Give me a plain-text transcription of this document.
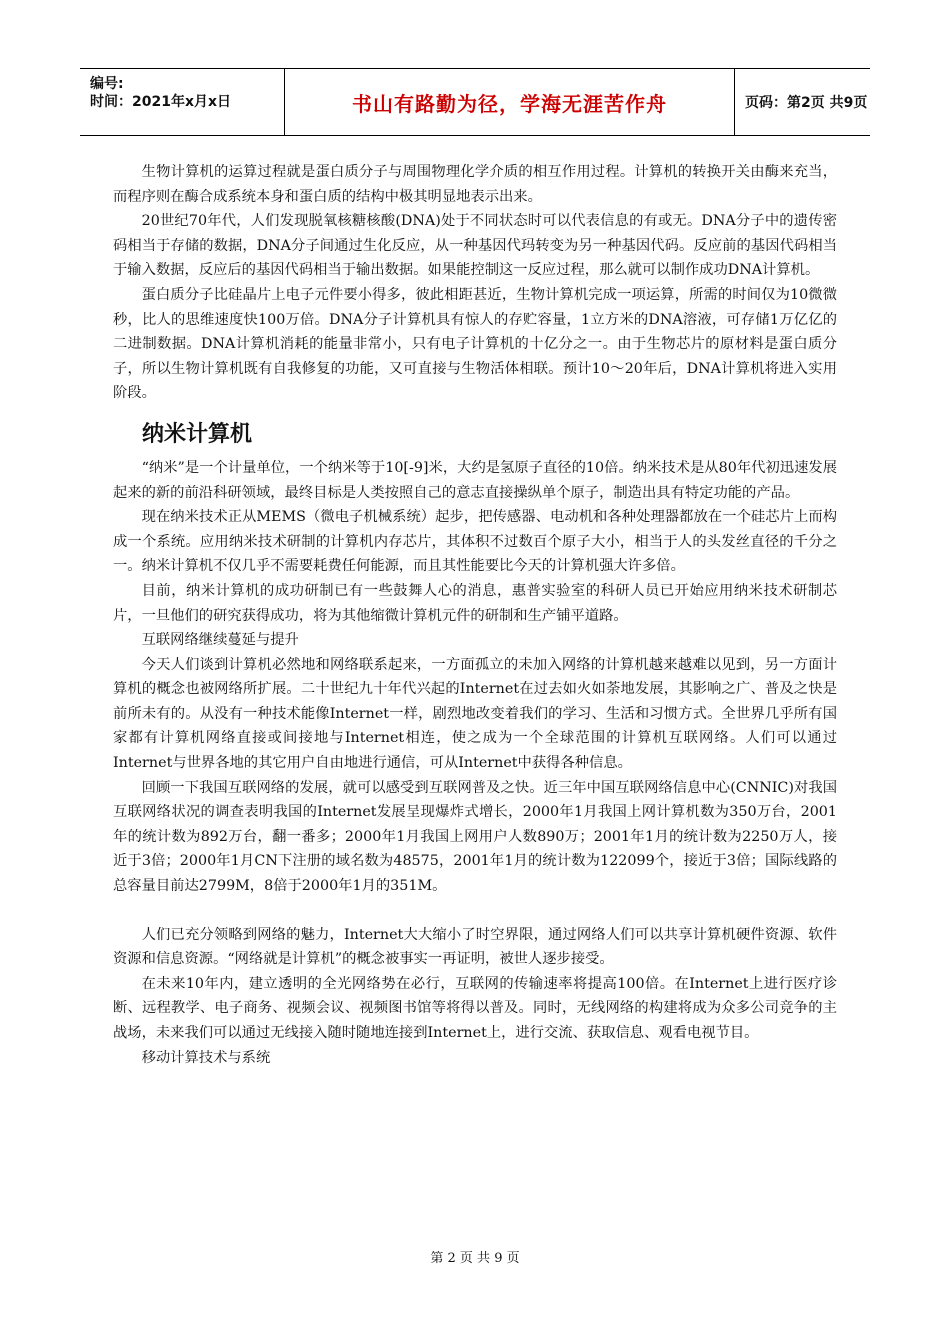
编号:
时间：2021年x月x日	书山有路勤为径，学海无涯苦作舟	页码：第2页 共9页

生物计算机的运算过程就是蛋白质分子与周围物理化学介质的相互作用过程。计算机的转换开关由酶来充当，而程序则在酶合成系统本身和蛋白质的结构中极其明显地表示出来。

20世纪70年代，人们发现脱氧核糖核酸(DNA)处于不同状态时可以代表信息的有或无。DNA分子中的遗传密码相当于存储的数据，DNA分子间通过生化反应，从一种基因代玛转变为另一种基因代码。反应前的基因代码相当于输入数据，反应后的基因代码相当于输出数据。如果能控制这一反应过程，那么就可以制作成功DNA计算机。

蛋白质分子比硅晶片上电子元件要小得多，彼此相距甚近，生物计算机完成一项运算，所需的时间仅为10微微秒，比人的思维速度快100万倍。DNA分子计算机具有惊人的存贮容量，1立方米的DNA溶液，可存储1万亿亿的二进制数据。DNA计算机消耗的能量非常小，只有电子计算机的十亿分之一。由于生物芯片的原材料是蛋白质分子，所以生物计算机既有自我修复的功能，又可直接与生物活体相联。预计10～20年后，DNA计算机将进入实用阶段。

纳米计算机

“纳米”是一个计量单位，一个纳米等于10[-9]米，大约是氢原子直径的10倍。纳米技术是从80年代初迅速发展起来的新的前沿科研领域，最终目标是人类按照自己的意志直接操纵单个原子，制造出具有特定功能的产品。

现在纳米技术正从MEMS（微电子机械系统）起步，把传感器、电动机和各种处理器都放在一个硅芯片上而构成一个系统。应用纳米技术研制的计算机内存芯片，其体积不过数百个原子大小，相当于人的头发丝直径的千分之一。纳米计算机不仅几乎不需要耗费任何能源，而且其性能要比今天的计算机强大许多倍。

目前，纳米计算机的成功研制已有一些鼓舞人心的消息，惠普实验室的科研人员已开始应用纳米技术研制芯片，一旦他们的研究获得成功，将为其他缩微计算机元件的研制和生产铺平道路。

互联网络继续蔓延与提升

今天人们谈到计算机必然地和网络联系起来，一方面孤立的未加入网络的计算机越来越难以见到，另一方面计算机的概念也被网络所扩展。二十世纪九十年代兴起的Internet在过去如火如荼地发展，其影响之广、普及之快是前所未有的。从没有一种技术能像Internet一样，剧烈地改变着我们的学习、生活和习惯方式。全世界几乎所有国家都有计算机网络直接或间接地与Internet相连，使之成为一个全球范围的计算机互联网络。人们可以通过Internet与世界各地的其它用户自由地进行通信，可从Internet中获得各种信息。

回顾一下我国互联网络的发展，就可以感受到互联网普及之快。近三年中国互联网络信息中心(CNNIC)对我国互联网络状况的调查表明我国的Internet发展呈现爆炸式增长，2000年1月我国上网计算机数为350万台，2001年的统计数为892万台，翻一番多；2000年1月我国上网用户人数890万；2001年1月的统计数为2250万人，接近于3倍；2000年1月CN下注册的域名数为48575，2001年1月的统计数为122099个，接近于3倍；国际线路的总容量目前达2799M，8倍于2000年1月的351M。

人们已充分领略到网络的魅力，Internet大大缩小了时空界限，通过网络人们可以共享计算机硬件资源、软件资源和信息资源。“网络就是计算机”的概念被事实一再证明，被世人逐步接受。

在未来10年内，建立透明的全光网络势在必行，互联网的传输速率将提高100倍。在Internet上进行医疗诊断、远程教学、电子商务、视频会议、视频图书馆等将得以普及。同时，无线网络的构建将成为众多公司竞争的主战场，未来我们可以通过无线接入随时随地连接到Internet上，进行交流、获取信息、观看电视节目。

移动计算技术与系统

第 2 页 共 9 页
